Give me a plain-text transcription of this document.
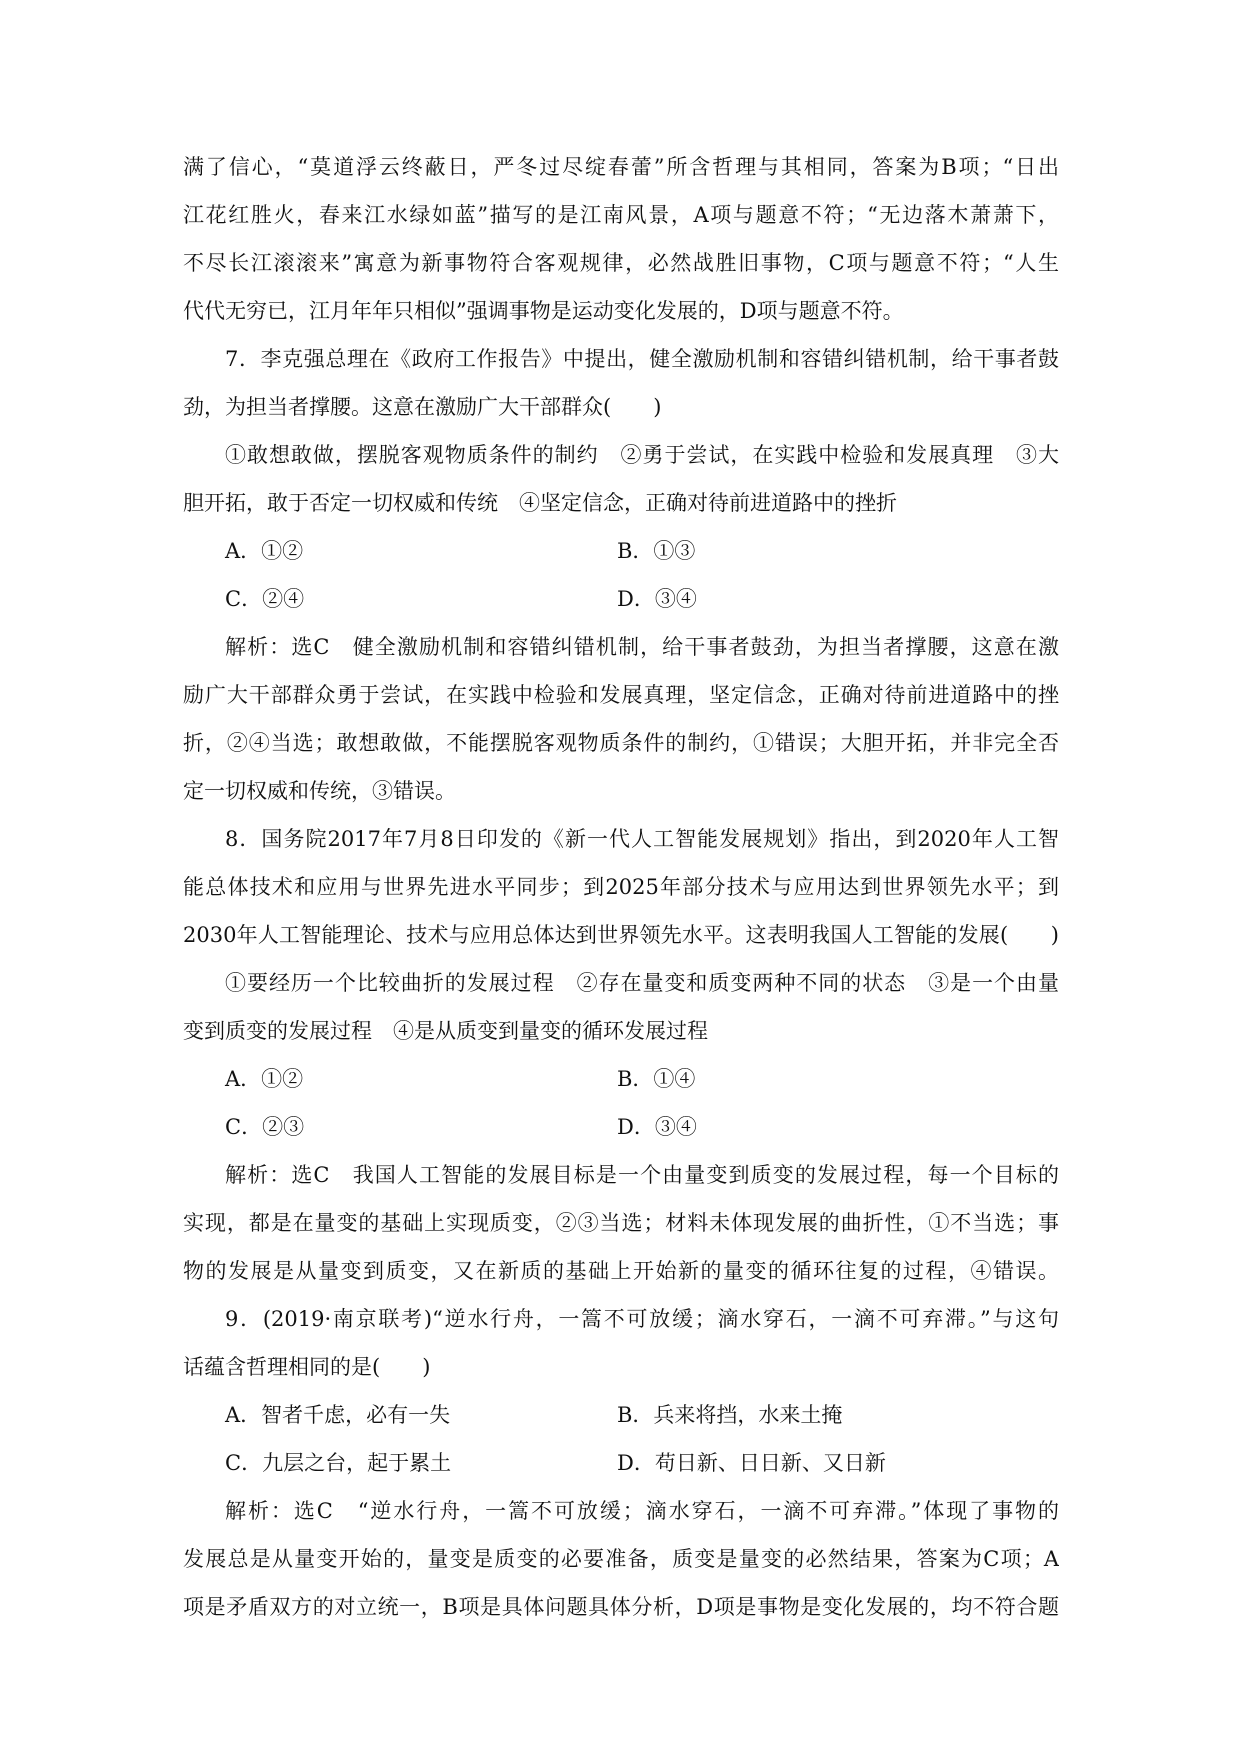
满了信心，“莫道浮云终蔽日，严冬过尽绽春蕾”所含哲理与其相同，答案为B项；“日出
江花红胜火，春来江水绿如蓝”描写的是江南风景，A项与题意不符；“无边落木萧萧下，
不尽长江滚滚来”寓意为新事物符合客观规律，必然战胜旧事物，C项与题意不符；“人生
代代无穷已，江月年年只相似”强调事物是运动变化发展的，D项与题意不符。
7．李克强总理在《政府工作报告》中提出，健全激励机制和容错纠错机制，给干事者鼓
劲，为担当者撑腰。这意在激励广大干部群众(　　)
①敢想敢做，摆脱客观物质条件的制约　②勇于尝试，在实践中检验和发展真理　③大
胆开拓，敢于否定一切权威和传统　④坚定信念，正确对待前进道路中的挫折
A．①②	B．①③
C．②④	D．③④
解析：选C　健全激励机制和容错纠错机制，给干事者鼓劲，为担当者撑腰，这意在激
励广大干部群众勇于尝试，在实践中检验和发展真理，坚定信念，正确对待前进道路中的挫
折，②④当选；敢想敢做，不能摆脱客观物质条件的制约，①错误；大胆开拓，并非完全否
定一切权威和传统，③错误。
8．国务院2017年7月8日印发的《新一代人工智能发展规划》指出，到2020年人工智
能总体技术和应用与世界先进水平同步；到2025年部分技术与应用达到世界领先水平；到
2030年人工智能理论、技术与应用总体达到世界领先水平。这表明我国人工智能的发展(　　)
①要经历一个比较曲折的发展过程　②存在量变和质变两种不同的状态　③是一个由量
变到质变的发展过程　④是从质变到量变的循环发展过程
A．①②	B．①④
C．②③	D．③④
解析：选C　我国人工智能的发展目标是一个由量变到质变的发展过程，每一个目标的
实现，都是在量变的基础上实现质变，②③当选；材料未体现发展的曲折性，①不当选；事
物的发展是从量变到质变，又在新质的基础上开始新的量变的循环往复的过程，④错误。
9．(2019·南京联考)“逆水行舟，一篙不可放缓；滴水穿石，一滴不可弃滞。”与这句
话蕴含哲理相同的是(　　)
A．智者千虑，必有一失	B．兵来将挡，水来土掩
C．九层之台，起于累土	D．苟日新、日日新、又日新
解析：选C　“逆水行舟，一篙不可放缓；滴水穿石，一滴不可弃滞。”体现了事物的
发展总是从量变开始的，量变是质变的必要准备，质变是量变的必然结果，答案为C项；A
项是矛盾双方的对立统一，B项是具体问题具体分析，D项是事物是变化发展的，均不符合题
